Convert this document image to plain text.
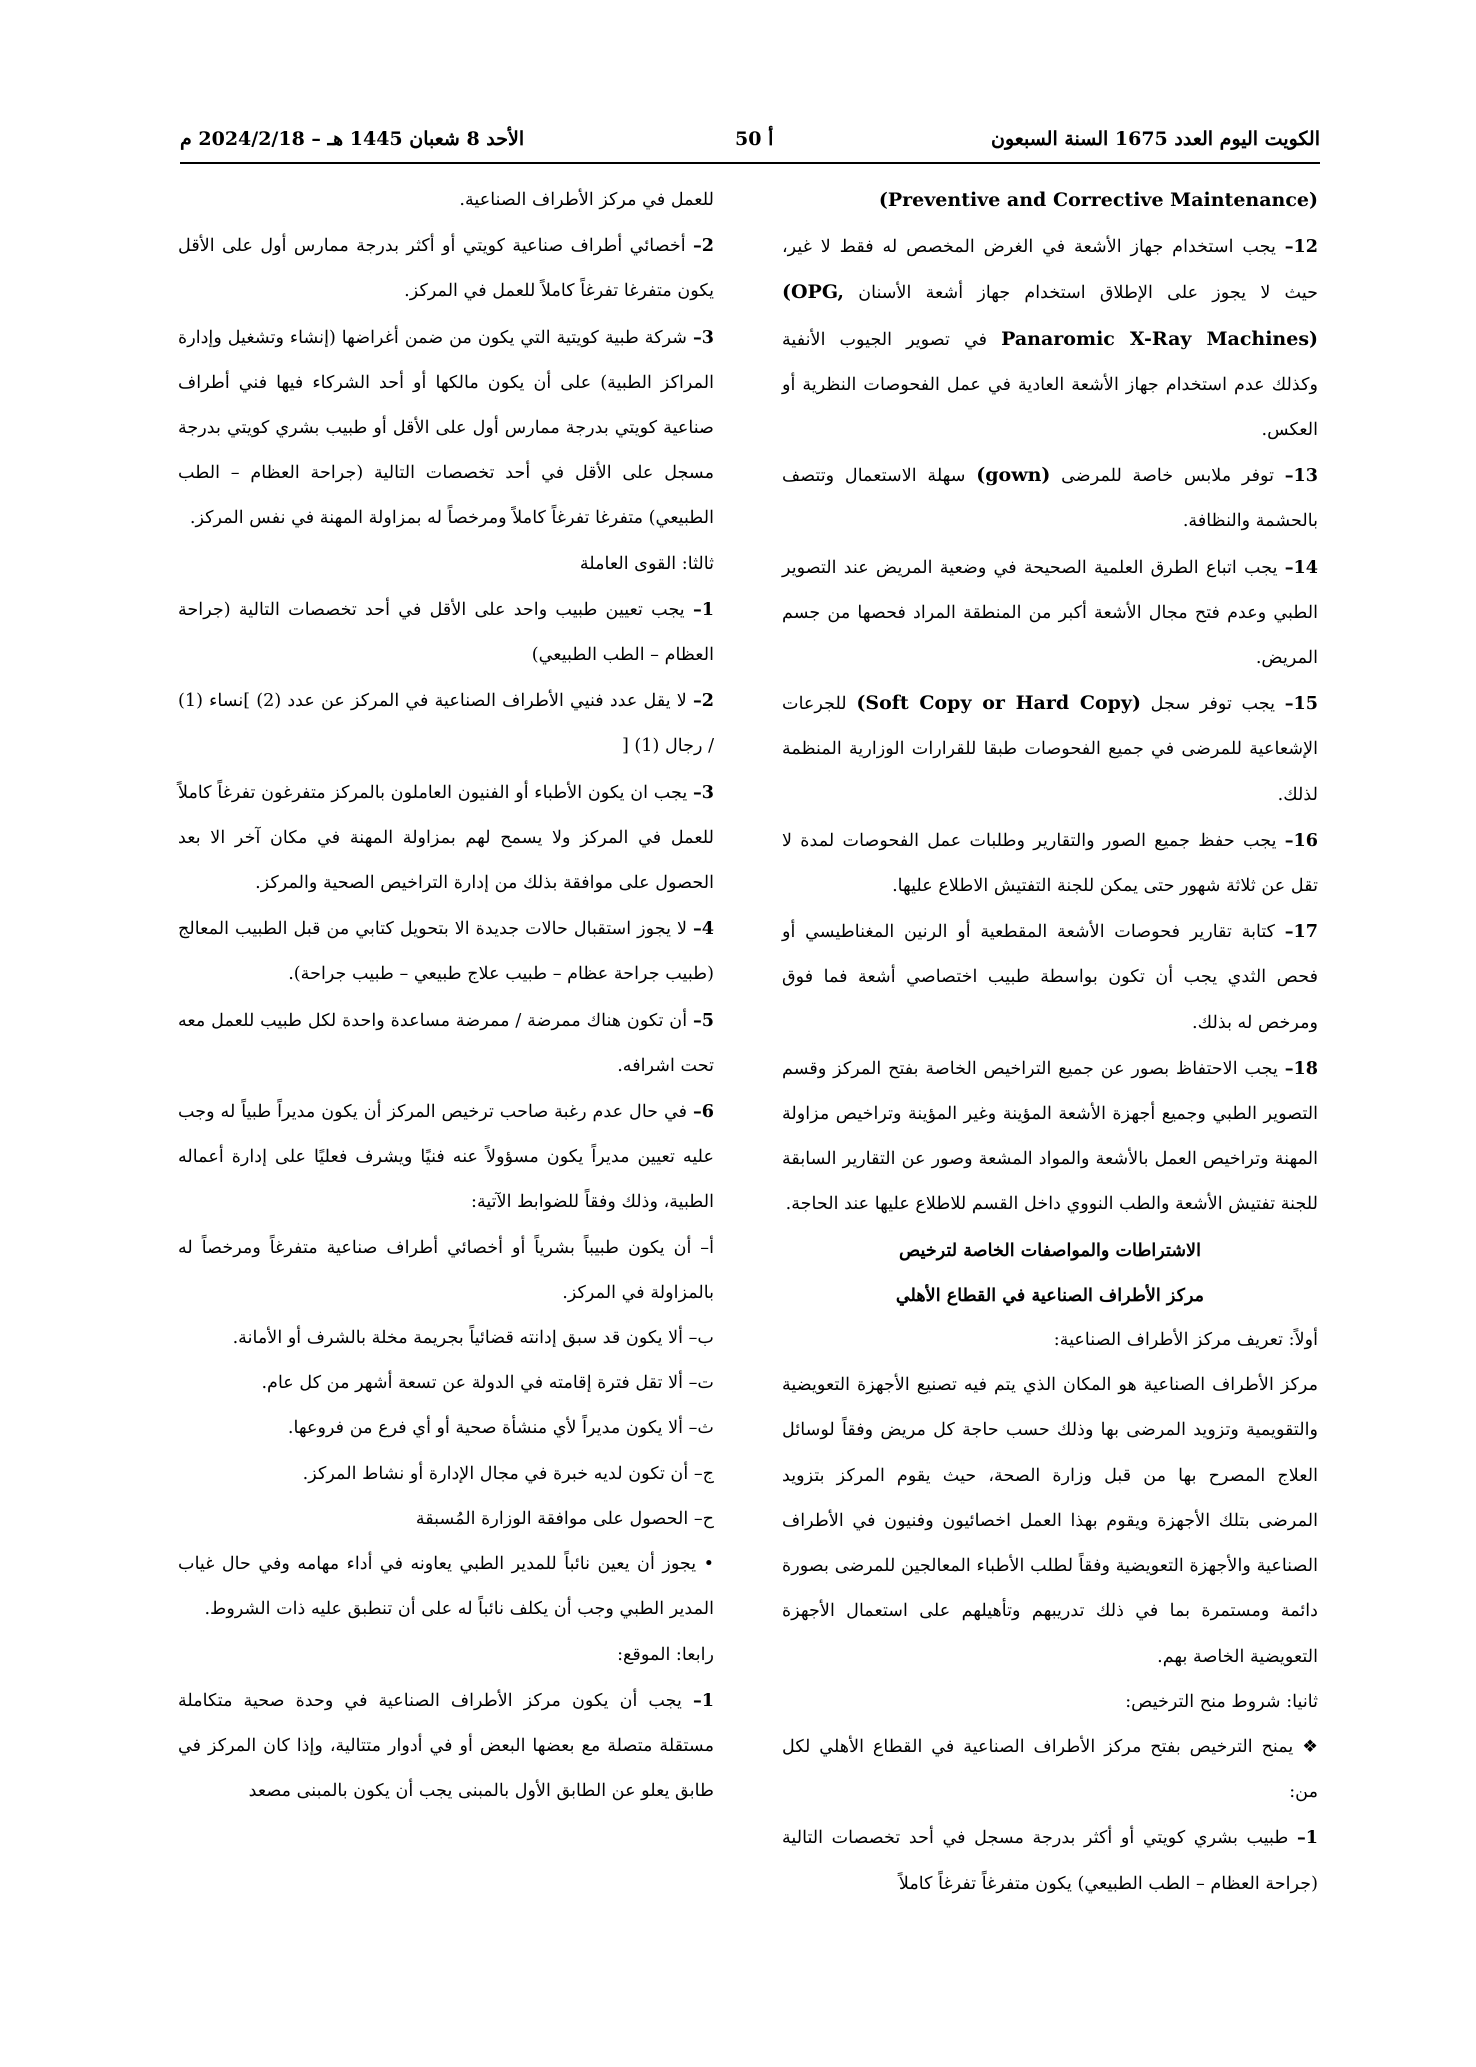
الكويت اليوم العدد 1675 السنة السبعون
أ 50
الأحد 8 شعبان 1445 هـ – 2024/2/18 م

(Preventive and Corrective Maintenance)

12– يجب استخدام جهاز الأشعة في الغرض المخصص له فقط لا غير، حيث لا يجوز على الإطلاق استخدام جهاز أشعة الأسنان (OPG, Panaromic X-Ray Machines) في تصوير الجيوب الأنفية وكذلك عدم استخدام جهاز الأشعة العادية في عمل الفحوصات النظرية أو العكس.

13– توفر ملابس خاصة للمرضى (gown) سهلة الاستعمال وتتصف بالحشمة والنظافة.

14– يجب اتباع الطرق العلمية الصحيحة في وضعية المريض عند التصوير الطبي وعدم فتح مجال الأشعة أكبر من المنطقة المراد فحصها من جسم المريض.

15– يجب توفر سجل (Soft Copy or Hard Copy) للجرعات الإشعاعية للمرضى في جميع الفحوصات طبقا للقرارات الوزارية المنظمة لذلك.

16– يجب حفظ جميع الصور والتقارير وطلبات عمل الفحوصات لمدة لا تقل عن ثلاثة شهور حتى يمكن للجنة التفتيش الاطلاع عليها.

17– كتابة تقارير فحوصات الأشعة المقطعية أو الرنين المغناطيسي أو فحص الثدي يجب أن تكون بواسطة طبيب اختصاصي أشعة فما فوق ومرخص له بذلك.

18– يجب الاحتفاظ بصور عن جميع التراخيص الخاصة بفتح المركز وقسم التصوير الطبي وجميع أجهزة الأشعة المؤينة وغير المؤينة وتراخيص مزاولة المهنة وتراخيص العمل بالأشعة والمواد المشعة وصور عن التقارير السابقة للجنة تفتيش الأشعة والطب النووي داخل القسم للاطلاع عليها عند الحاجة.

الاشتراطات والمواصفات الخاصة لترخيص

مركز الأطراف الصناعية في القطاع الأهلي

أولاً: تعريف مركز الأطراف الصناعية:

مركز الأطراف الصناعية هو المكان الذي يتم فيه تصنيع الأجهزة التعويضية والتقويمية وتزويد المرضى بها وذلك حسب حاجة كل مريض وفقاً لوسائل العلاج المصرح بها من قبل وزارة الصحة، حيث يقوم المركز بتزويد المرضى بتلك الأجهزة ويقوم بهذا العمل اخصائيون وفنيون في الأطراف الصناعية والأجهزة التعويضية وفقاً لطلب الأطباء المعالجين للمرضى بصورة دائمة ومستمرة بما في ذلك تدريبهم وتأهيلهم على استعمال الأجهزة التعويضية الخاصة بهم.

ثانيا: شروط منح الترخيص:

❖ يمنح الترخيص بفتح مركز الأطراف الصناعية في القطاع الأهلي لكل من:

1– طبيب بشري كويتي أو أكثر بدرجة مسجل في أحد تخصصات التالية (جراحة العظام – الطب الطبيعي) يكون متفرغاً تفرغاً كاملاً

للعمل في مركز الأطراف الصناعية.

2– أخصائي أطراف صناعية كويتي أو أكثر بدرجة ممارس أول على الأقل يكون متفرغا تفرغاً كاملاً للعمل في المركز.

3– شركة طبية كويتية التي يكون من ضمن أغراضها (إنشاء وتشغيل وإدارة المراكز الطبية) على أن يكون مالكها أو أحد الشركاء فيها فني أطراف صناعية كويتي بدرجة ممارس أول على الأقل أو طبيب بشري كويتي بدرجة مسجل على الأقل في أحد تخصصات التالية (جراحة العظام – الطب الطبيعي) متفرغا تفرغاً كاملاً ومرخصاً له بمزاولة المهنة في نفس المركز.

ثالثا: القوى العاملة

1– يجب تعيين طبيب واحد على الأقل في أحد تخصصات التالية (جراحة العظام – الطب الطبيعي)

2– لا يقل عدد فنيي الأطراف الصناعية في المركز عن عدد (2) ]نساء (1) / رجال (1) [

3– يجب ان يكون الأطباء أو الفنيون العاملون بالمركز متفرغون تفرغاً كاملاً للعمل في المركز ولا يسمح لهم بمزاولة المهنة في مكان آخر الا بعد الحصول على موافقة بذلك من إدارة التراخيص الصحية والمركز.

4– لا يجوز استقبال حالات جديدة الا بتحويل كتابي من قبل الطبيب المعالج (طبيب جراحة عظام – طبيب علاج طبيعي – طبيب جراحة).

5– أن تكون هناك ممرضة / ممرضة مساعدة واحدة لكل طبيب للعمل معه تحت اشرافه.

6– في حال عدم رغبة صاحب ترخيص المركز أن يكون مديراً طبياً له وجب عليه تعيين مديراً يكون مسؤولاً عنه فنيًا ويشرف فعليًا على إدارة أعماله الطبية، وذلك وفقاً للضوابط الآتية:

أ– أن يكون طبيباً بشرياً أو أخصائي أطراف صناعية متفرغاً ومرخصاً له بالمزاولة في المركز.

ب– ألا يكون قد سبق إدانته قضائياً بجريمة مخلة بالشرف أو الأمانة.

ت– ألا تقل فترة إقامته في الدولة عن تسعة أشهر من كل عام.

ث– ألا يكون مديراً لأي منشأة صحية أو أي فرع من فروعها.

ج– أن تكون لديه خبرة في مجال الإدارة أو نشاط المركز.

ح– الحصول على موافقة الوزارة المُسبقة

• يجوز أن يعين نائباً للمدير الطبي يعاونه في أداء مهامه وفي حال غياب المدير الطبي وجب أن يكلف نائباً له على أن تنطبق عليه ذات الشروط.

رابعا: الموقع:

1– يجب أن يكون مركز الأطراف الصناعية في وحدة صحية متكاملة مستقلة متصلة مع بعضها البعض أو في أدوار متتالية، وإذا كان المركز في طابق يعلو عن الطابق الأول بالمبنى يجب أن يكون بالمبنى مصعد
